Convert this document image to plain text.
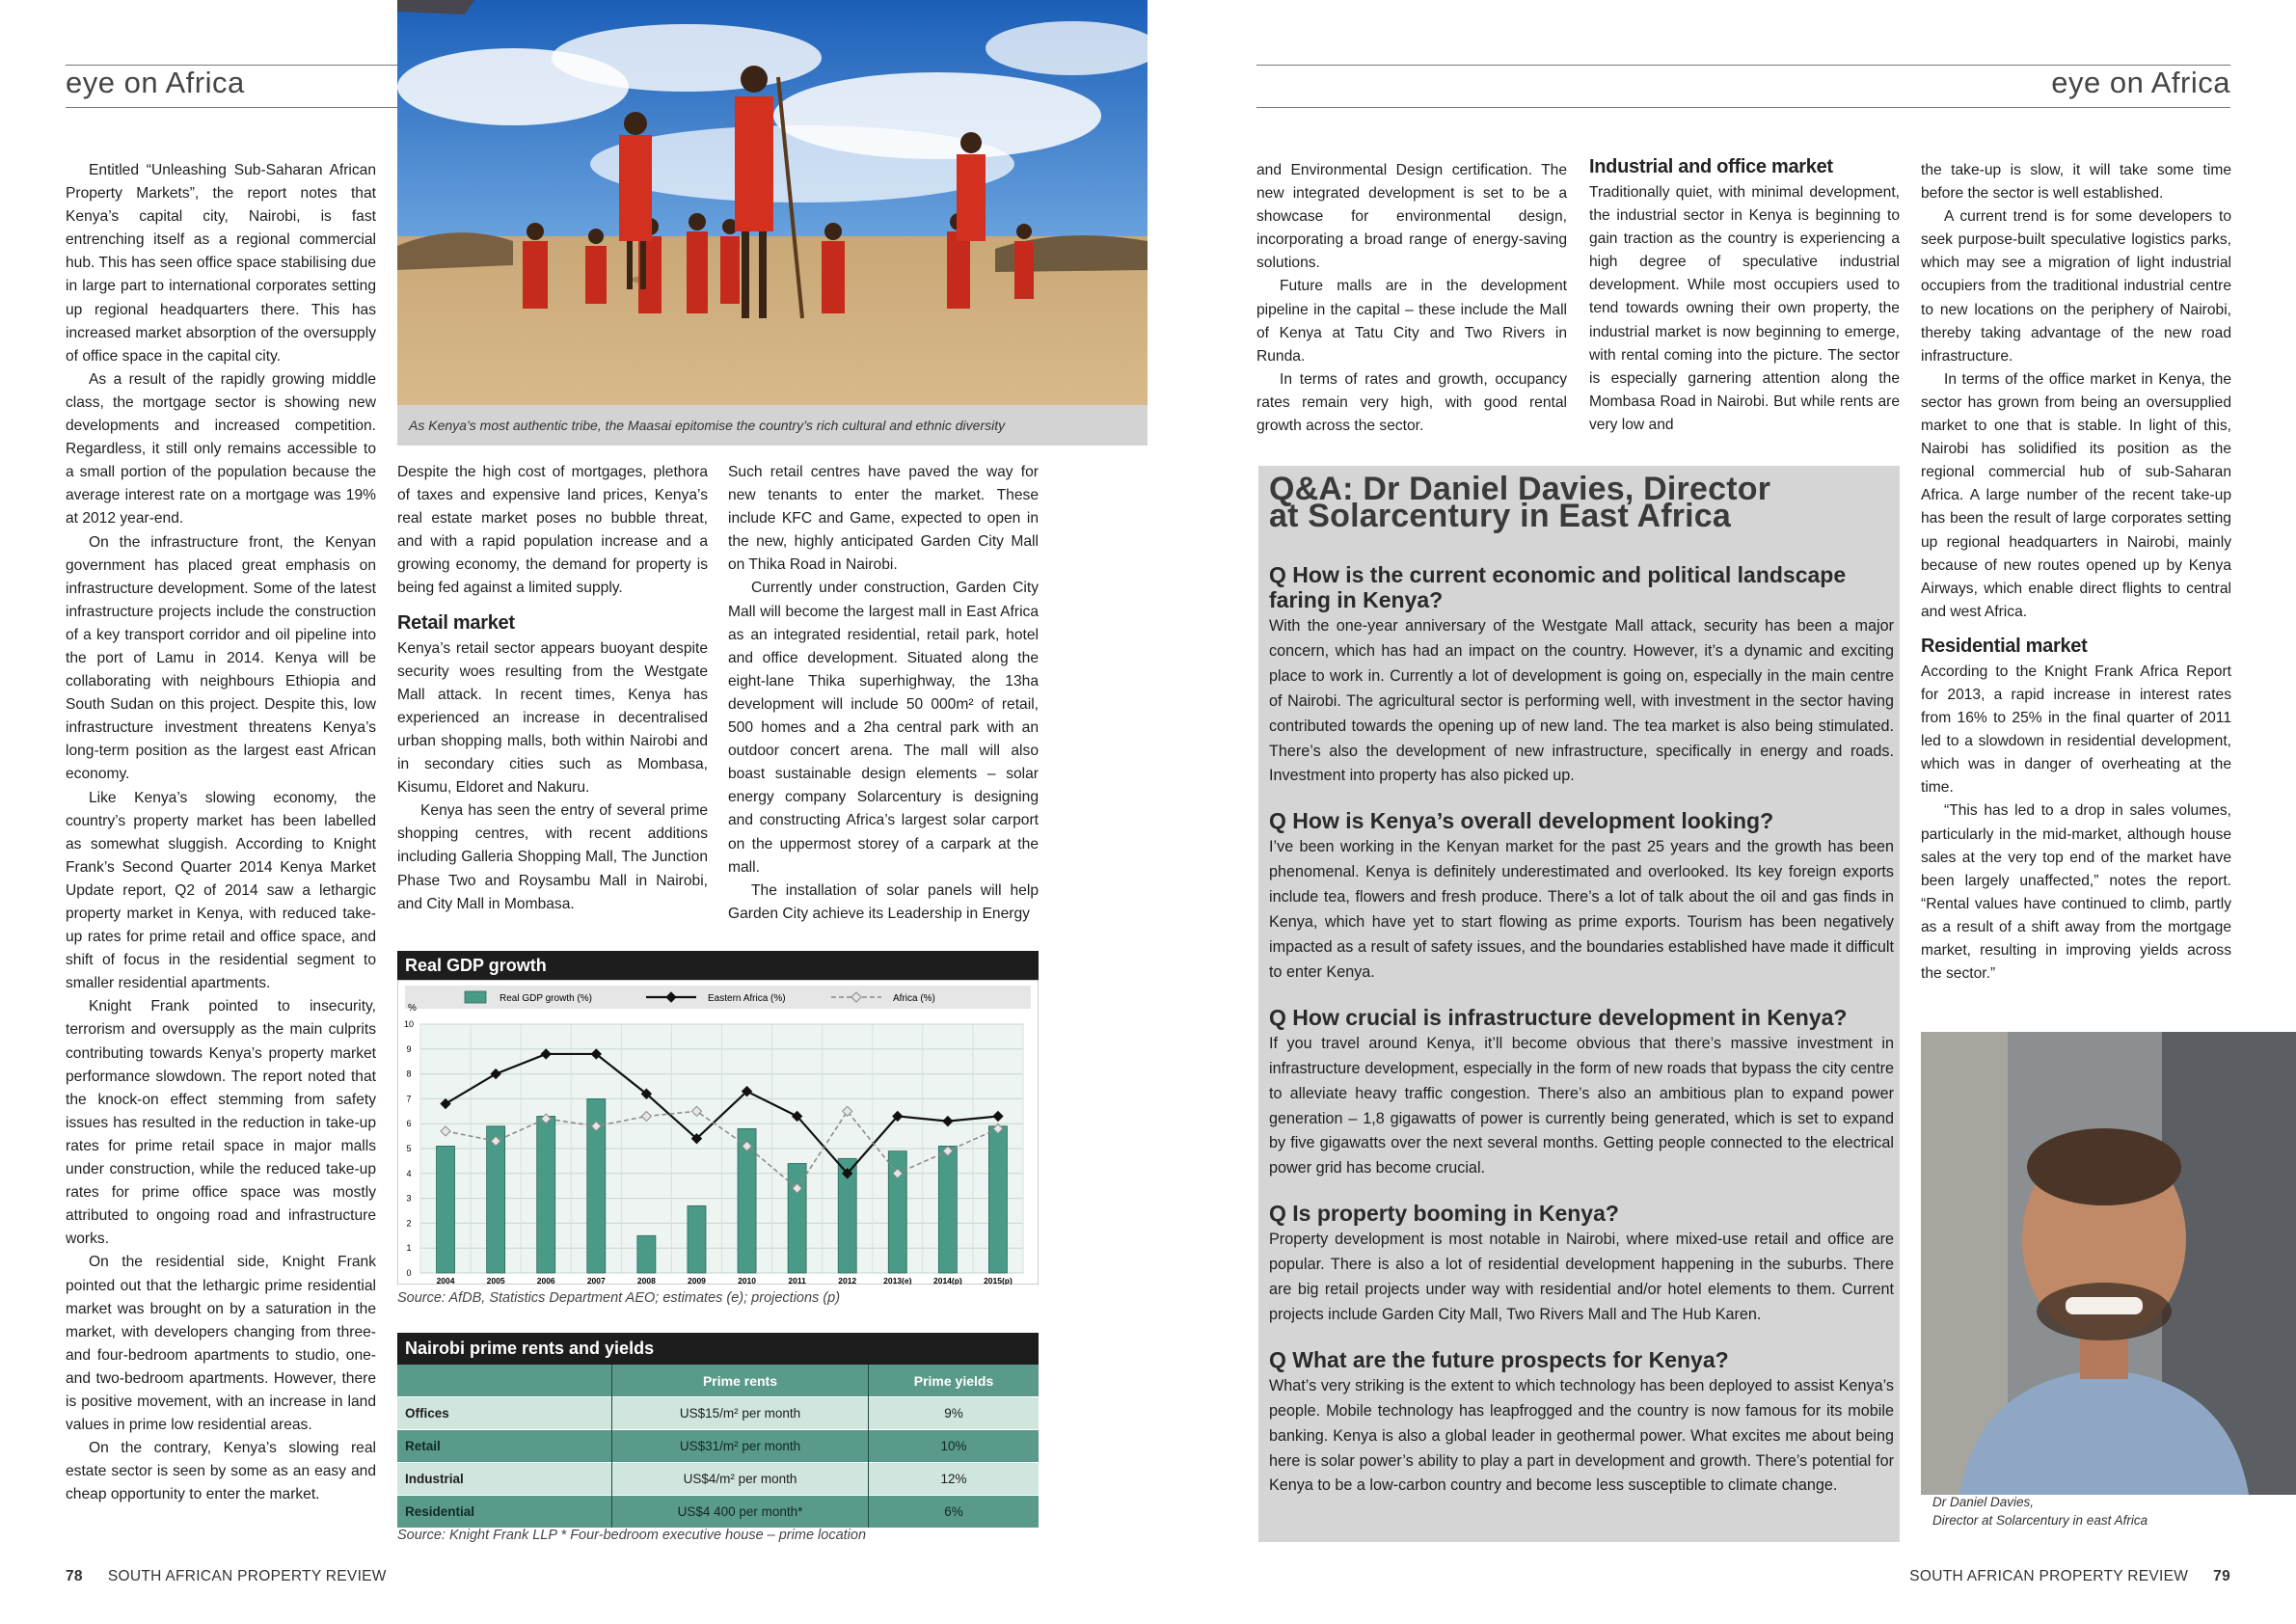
eye on Africa
As Kenya’s most authentic tribe, the Maasai epitomise the country’s rich cultural and ethnic diversity

Entitled “Unleashing Sub-Saharan African Property Markets”, the report notes that Kenya’s capital city, Nairobi, is fast entrenching itself as a regional commercial hub. This has seen office space stabilising due in large part to international corporates setting up regional headquarters there. This has increased market absorption of the oversupply of office space in the capital city.

As a result of the rapidly growing middle class, the mortgage sector is showing new developments and increased competition. Regardless, it still only remains accessible to a small portion of the population because the average interest rate on a mortgage was 19% at 2012 year-end.

On the infrastructure front, the Kenyan government has placed great emphasis on infrastructure development. Some of the latest infrastructure projects include the construction of a key transport corridor and oil pipeline into the port of Lamu in 2014. Kenya will be collaborating with neighbours Ethiopia and South Sudan on this project. Despite this, low infrastructure investment threatens Kenya’s long-term position as the largest east African economy.

Like Kenya’s slowing economy, the country’s property market has been labelled as somewhat sluggish. According to Knight Frank’s Second Quarter 2014 Kenya Market Update report, Q2 of 2014 saw a lethargic property market in Kenya, with reduced take-up rates for prime retail and office space, and shift of focus in the residential segment to smaller residential apartments.

Knight Frank pointed to insecurity, terrorism and oversupply as the main culprits contributing towards Kenya’s property market performance slowdown. The report noted that the knock-on effect stemming from safety issues has resulted in the reduction in take-up rates for prime retail space in major malls under construction, while the reduced take-up rates for prime office space was mostly attributed to ongoing road and infrastructure works.

On the residential side, Knight Frank pointed out that the lethargic prime residential market was brought on by a saturation in the market, with developers changing from three- and four-bedroom apartments to studio, one- and two-bedroom apartments. However, there is positive movement, with an increase in land values in prime low residential areas.

On the contrary, Kenya’s slowing real estate sector is seen by some as an easy and cheap opportunity to enter the market.

Despite the high cost of mortgages, plethora of taxes and expensive land prices, Kenya’s real estate market poses no bubble threat, and with a rapid population increase and a growing economy, the demand for property is being fed against a limited supply.

Retail market

Kenya’s retail sector appears buoyant despite security woes resulting from the Westgate Mall attack. In recent times, Kenya has experienced an increase in decentralised urban shopping malls, both within Nairobi and in secondary cities such as Mombasa, Kisumu, Eldoret and Nakuru.

Kenya has seen the entry of several prime shopping centres, with recent additions including Galleria Shopping Mall, The Junction Phase Two and Roysambu Mall in Nairobi, and City Mall in Mombasa.

Such retail centres have paved the way for new tenants to enter the market. These include KFC and Game, expected to open in the new, highly anticipated Garden City Mall on Thika Road in Nairobi.

Currently under construction, Garden City Mall will become the largest mall in East Africa as an integrated residential, retail park, hotel and office development. Situated along the eight-lane Thika superhighway, the 13ha development will include 50 000m² of retail, 500 homes and a 2ha central park with an outdoor concert arena. The mall will also boast sustainable design elements – solar energy company Solarcentury is designing and constructing Africa’s largest solar carport on the uppermost storey of a carpark at the mall.

The installation of solar panels will help Garden City achieve its Leadership in Energy

Real GDP growth
Real GDP growth (%)	Eastern Africa (%)	Africa (%)
2004	2005	2006	2007	2008	2009	2010	2011	2012	2013(e)	2014(p)	2015(p)
0
1
2
3
4
5
6
7
8
9
10
%
Source: AfDB, Statistics Department AEO; estimates (e); projections (p)
Nairobi prime rents and yields
	Prime rents	Prime yields
Offices	US$15/m² per month	9%
Retail	US$31/m² per month	10%
Industrial	US$4/m² per month	12%
Residential	US$4 400 per month*	6%
Source: Knight Frank LLP * Four-bedroom executive house – prime location
78 SOUTH AFRICAN PROPERTY REVIEW
eye on Africa

and Environmental Design certification. The new integrated development is set to be a showcase for environmental design, incorporating a broad range of energy-saving solutions.

Future malls are in the development pipeline in the capital – these include the Mall of Kenya at Tatu City and Two Rivers in Runda.

In terms of rates and growth, occupancy rates remain very high, with good rental growth across the sector.

Industrial and office market

Traditionally quiet, with minimal development, the industrial sector in Kenya is beginning to gain traction as the country is experiencing a high degree of speculative industrial development. While most occupiers used to tend towards owning their own property, the industrial market is now beginning to emerge, with rental coming into the picture. The sector is especially garnering attention along the Mombasa Road in Nairobi. But while rents are very low and

the take-up is slow, it will take some time before the sector is well established.

A current trend is for some developers to seek purpose-built speculative logistics parks, which may see a migration of light industrial occupiers from the traditional industrial centre to new locations on the periphery of Nairobi, thereby taking advantage of the new road infrastructure.

In terms of the office market in Kenya, the sector has grown from being an oversupplied market to one that is stable. In light of this, Nairobi has solidified its position as the regional commercial hub of sub-Saharan Africa. A large number of the recent take-up has been the result of large corporates setting up regional headquarters in Nairobi, mainly because of new routes opened up by Kenya Airways, which enable direct flights to central and west Africa.

Residential market

According to the Knight Frank Africa Report for 2013, a rapid increase in interest rates from 16% to 25% in the final quarter of 2011 led to a slowdown in residential development, which was in danger of overheating at the time.

“This has led to a drop in sales volumes, particularly in the mid-market, although house sales at the very top end of the market have been largely unaffected,” notes the report. “Rental values have continued to climb, partly as a result of a shift away from the mortgage market, resulting in improving yields across the sector.”

Q&A: Dr Daniel Davies, Director
at Solarcentury in East Africa
Q How is the current economic and political landscape faring in Kenya?

With the one-year anniversary of the Westgate Mall attack, security has been a major concern, which has had an impact on the country. However, it’s a dynamic and exciting place to work in. Currently a lot of development is going on, especially in the main centre of Nairobi. The agricultural sector is performing well, with investment in the sector having contributed towards the opening up of new land. The tea market is also being stimulated. There’s also the development of new infrastructure, specifically in energy and roads. Investment into property has also picked up.

Q How is Kenya’s overall development looking?

I’ve been working in the Kenyan market for the past 25 years and the growth has been phenomenal. Kenya is definitely underestimated and overlooked. Its key foreign exports include tea, flowers and fresh produce. There’s a lot of talk about the oil and gas finds in Kenya, which have yet to start flowing as prime exports. Tourism has been negatively impacted as a result of safety issues, and the boundaries established have made it difficult to enter Kenya.

Q How crucial is infrastructure development in Kenya?

If you travel around Kenya, it’ll become obvious that there’s massive investment in infrastructure development, especially in the form of new roads that bypass the city centre to alleviate heavy traffic congestion. There’s also an ambitious plan to expand power generation – 1,8 gigawatts of power is currently being generated, which is set to expand by five gigawatts over the next several months. Getting people connected to the electrical power grid has become crucial.

Q Is property booming in Kenya?

Property development is most notable in Nairobi, where mixed-use retail and office are popular. There is also a lot of residential development happening in the suburbs. There are big retail projects under way with residential and/or hotel elements to them. Current projects include Garden City Mall, Two Rivers Mall and The Hub Karen.

Q What are the future prospects for Kenya?

What’s very striking is the extent to which technology has been deployed to assist Kenya’s people. Mobile technology has leapfrogged and the country is now famous for its mobile banking. Kenya is also a global leader in geothermal power. What excites me about being here is solar power’s ability to play a part in development and growth. There’s potential for Kenya to be a low-carbon country and become less susceptible to climate change.

Dr Daniel Davies,
Director at Solarcentury in east Africa
SOUTH AFRICAN PROPERTY REVIEW 79
